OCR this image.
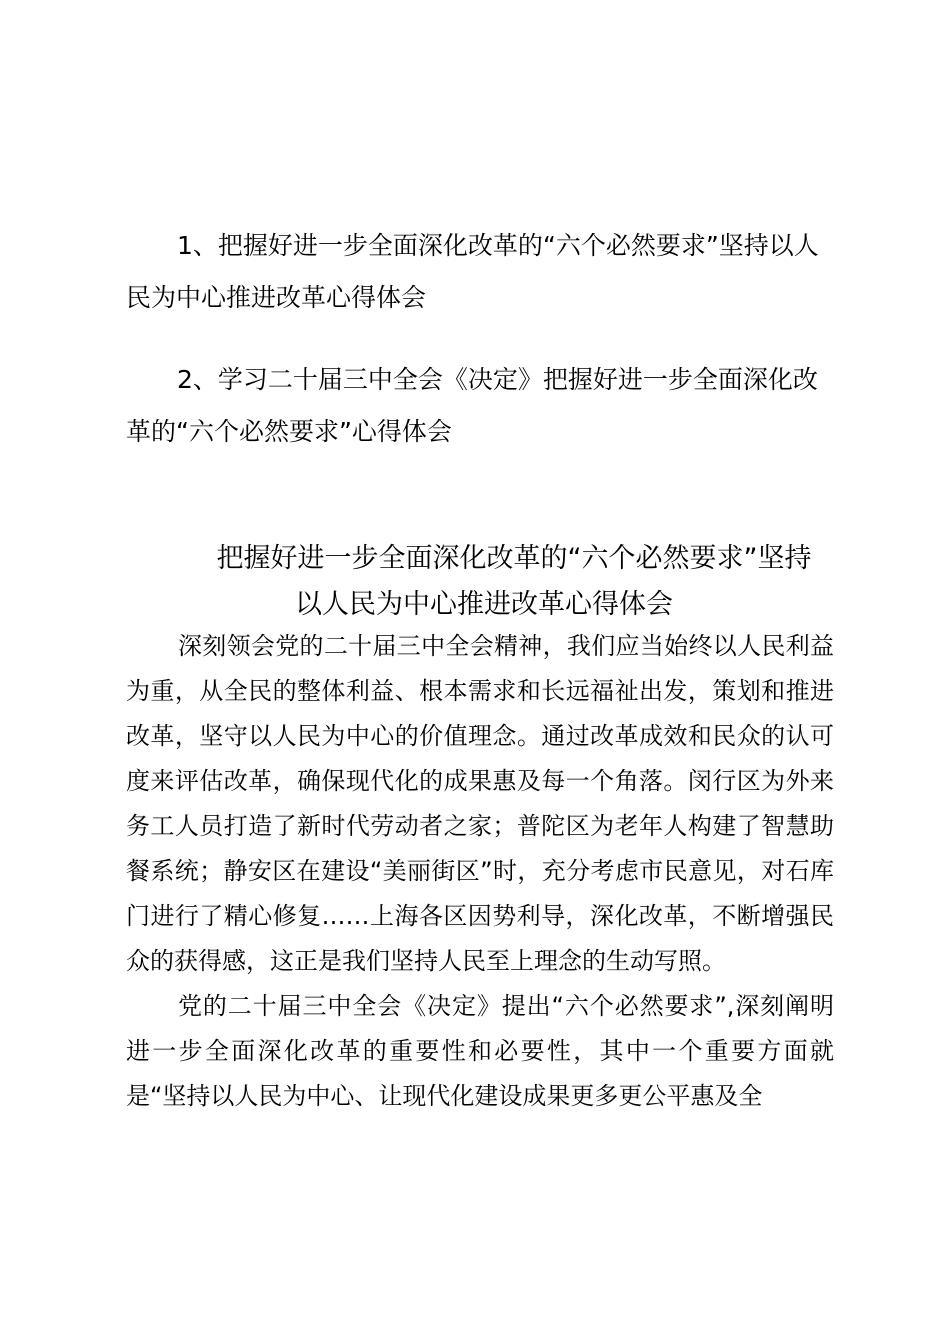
1、把握好进一步全面深化改革的“六个必然要求”坚持以人民为中心推进改革心得体会

2、学习二十届三中全会《决定》把握好进一步全面深化改革的“六个必然要求”心得体会

把握好进一步全面深化改革的“六个必然要求”坚持
以人民为中心推进改革心得体会

深刻领会党的二十届三中全会精神，我们应当始终以人民利益为重，从全民的整体利益、根本需求和长远福祉出发，策划和推进改革，坚守以人民为中心的价值理念。通过改革成效和民众的认可度来评估改革，确保现代化的成果惠及每一个角落。闵行区为外来务工人员打造了新时代劳动者之家；普陀区为老年人构建了智慧助餐系统；静安区在建设“美丽街区”时，充分考虑市民意见，对石库门进行了精心修复……上海各区因势利导，深化改革，不断增强民众的获得感，这正是我们坚持人民至上理念的生动写照。

党的二十届三中全会《决定》提出“六个必然要求”,深刻阐明进一步全面深化改革的重要性和必要性，其中一个重要方面就是“坚持以人民为中心、让现代化建设成果更多更公平惠及全
